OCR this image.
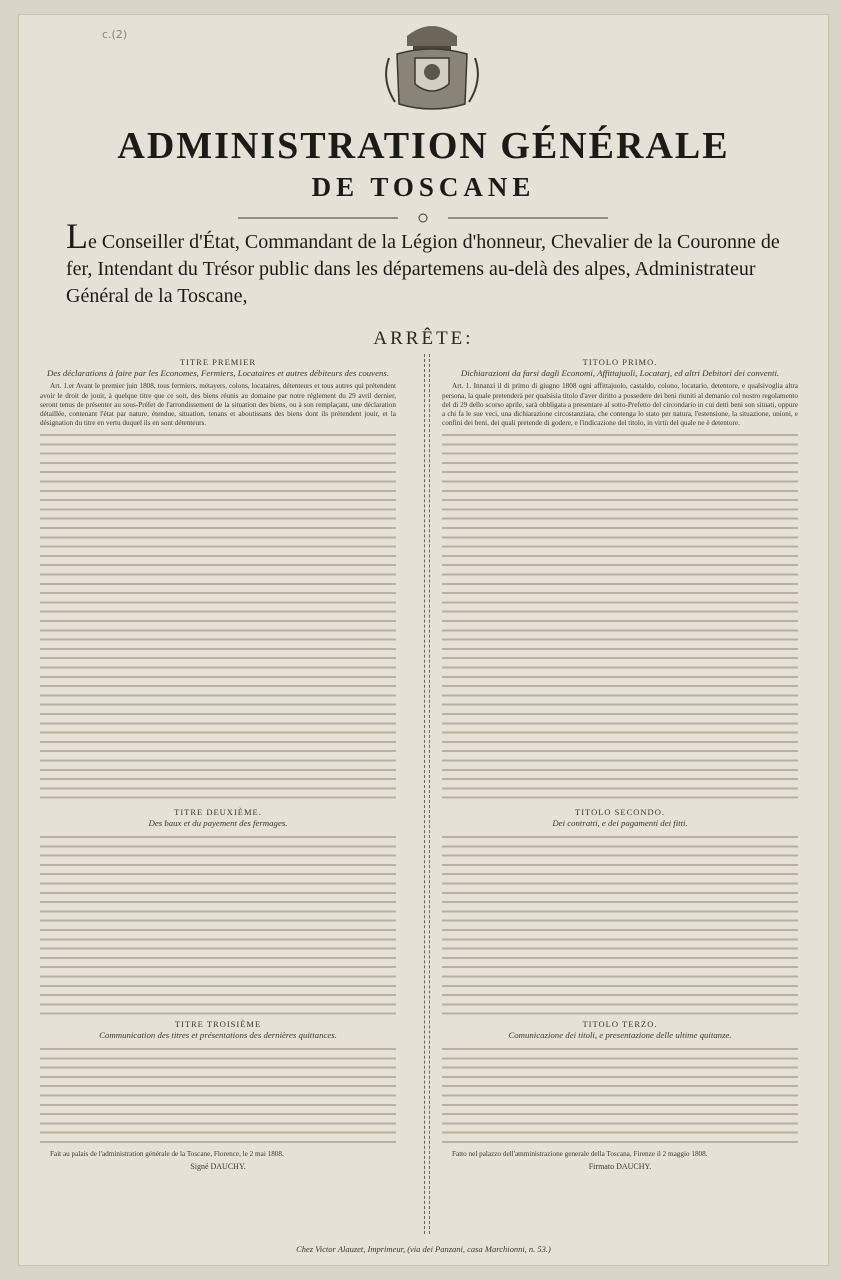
c.(2)
ADMINISTRATION GÉNÉRALE
DE TOSCANE
Le Conseiller d'État, Commandant de la Légion d'honneur, Chevalier de la Couronne de fer, Intendant du Trésor public dans les départemens au-delà des alpes, Administrateur Général de la Toscane,
ARRÊTE:
TITRE PREMIER
Des déclarations à faire par les Economes, Fermiers, Locataires et autres débiteurs des couvens.

Art. 1.er Avant le premier juin 1808, tous fermiers, métayers, colons, locataires, détenteurs et tous autres qui prétendent avoir le droit de jouir, à quelque titre que ce soit, des biens réunis au domaine par notre réglement du 29 avril dernier, seront tenus de présenter au sous-Préfet de l'arrondissement de la situation des biens, ou à son remplaçant, une déclaration détaillée, contenant l'état par nature, étendue, situation, tenans et aboutissans des biens dont ils prétendent jouir, et la désignation du titre en vertu duquel ils en sont détenteurs.

TITRE DEUXIÈME.
Des baux et du payement des fermages.
TITRE TROISIÈME
Communication des titres et présentations des dernières quittances.

Fait au palais de l'administration générale de la Toscane, Florence, le 2 mai 1808.

Signé DAUCHY.
TITOLO PRIMO.
Dichiarazioni da farsi dagli Economi, Affittajuoli, Locatarj, ed altri Debitori dei conventi.

Art. 1. Innanzi il di primo di giugno 1808 ogni affittajuolo, castaldo, colono, locatario, detentore, e qualsivoglia altra persona, la quale pretenderà per qualsisia titolo d'aver diritto a possedere dei beni riuniti al demanio col nostro regolamento del di 29 dello scorso aprile, sarà obbligata a presentare al sotto-Prefetto del circondario in cui detti beni son situati, oppure a chi fa le sue veci, una dichiarazione circostanziata, che contenga lo stato per natura, l'estensione, la situazione, unioni, e confini dei beni, dei quali pretende di godere, e l'indicazione del titolo, in virtù del quale ne è detentore.

TITOLO SECONDO.
Dei contratti, e dei pagamenti dei fitti.
TITOLO TERZO.
Comunicazione dei titoli, e presentazione delle ultime quitanze.

Fatto nel palazzo dell'amministrazione generale della Toscana, Firenze il 2 maggio 1808.

Firmato DAUCHY.
Chez Victor Alauzet, Imprimeur, (via dei Panzani, casa Marchionni, n. 53.)
